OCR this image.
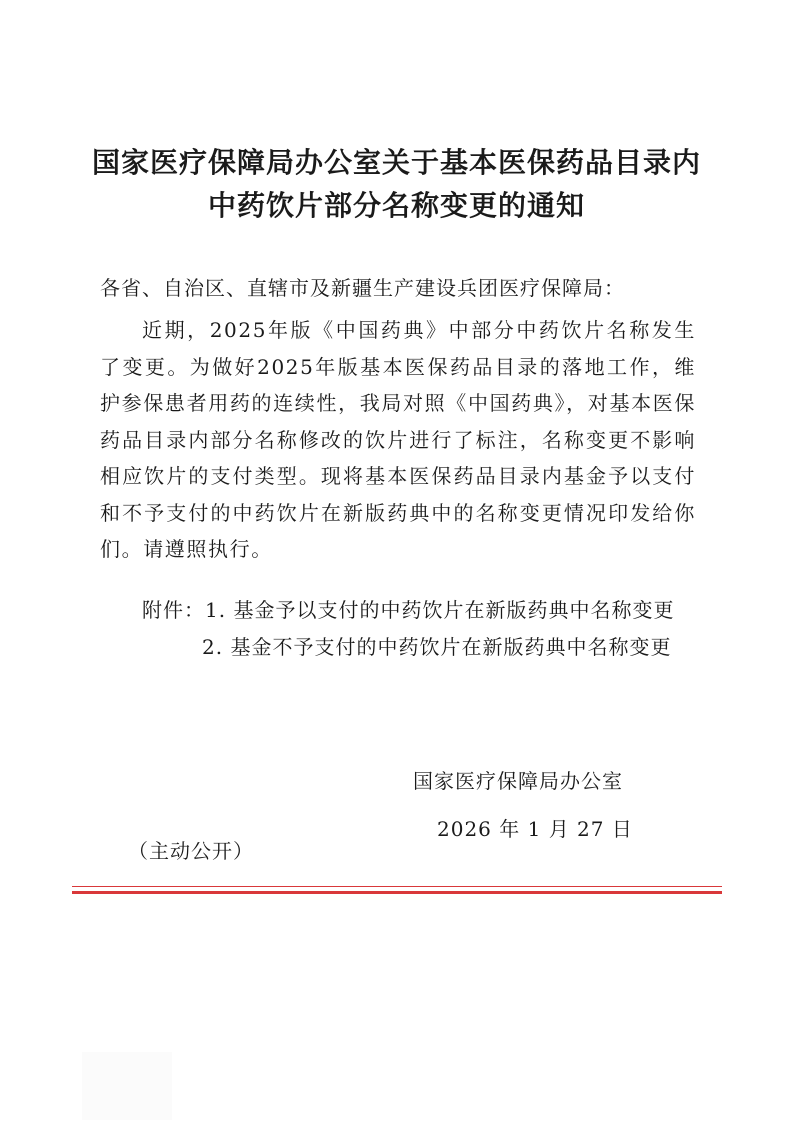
国家医疗保障局办公室关于基本医保药品目录内
中药饮片部分名称变更的通知
各省、自治区、直辖市及新疆生产建设兵团医疗保障局：
近期，2025年版《中国药典》中部分中药饮片名称发生了变更。为做好2025年版基本医保药品目录的落地工作，维护参保患者用药的连续性，我局对照《中国药典》，对基本医保药品目录内部分名称修改的饮片进行了标注，名称变更不影响相应饮片的支付类型。现将基本医保药品目录内基金予以支付和不予支付的中药饮片在新版药典中的名称变更情况印发给你们。请遵照执行。
附件：1. 基金予以支付的中药饮片在新版药典中名称变更
2. 基金不予支付的中药饮片在新版药典中名称变更
国家医疗保障局办公室
2026 年 1 月 27 日
（主动公开）
